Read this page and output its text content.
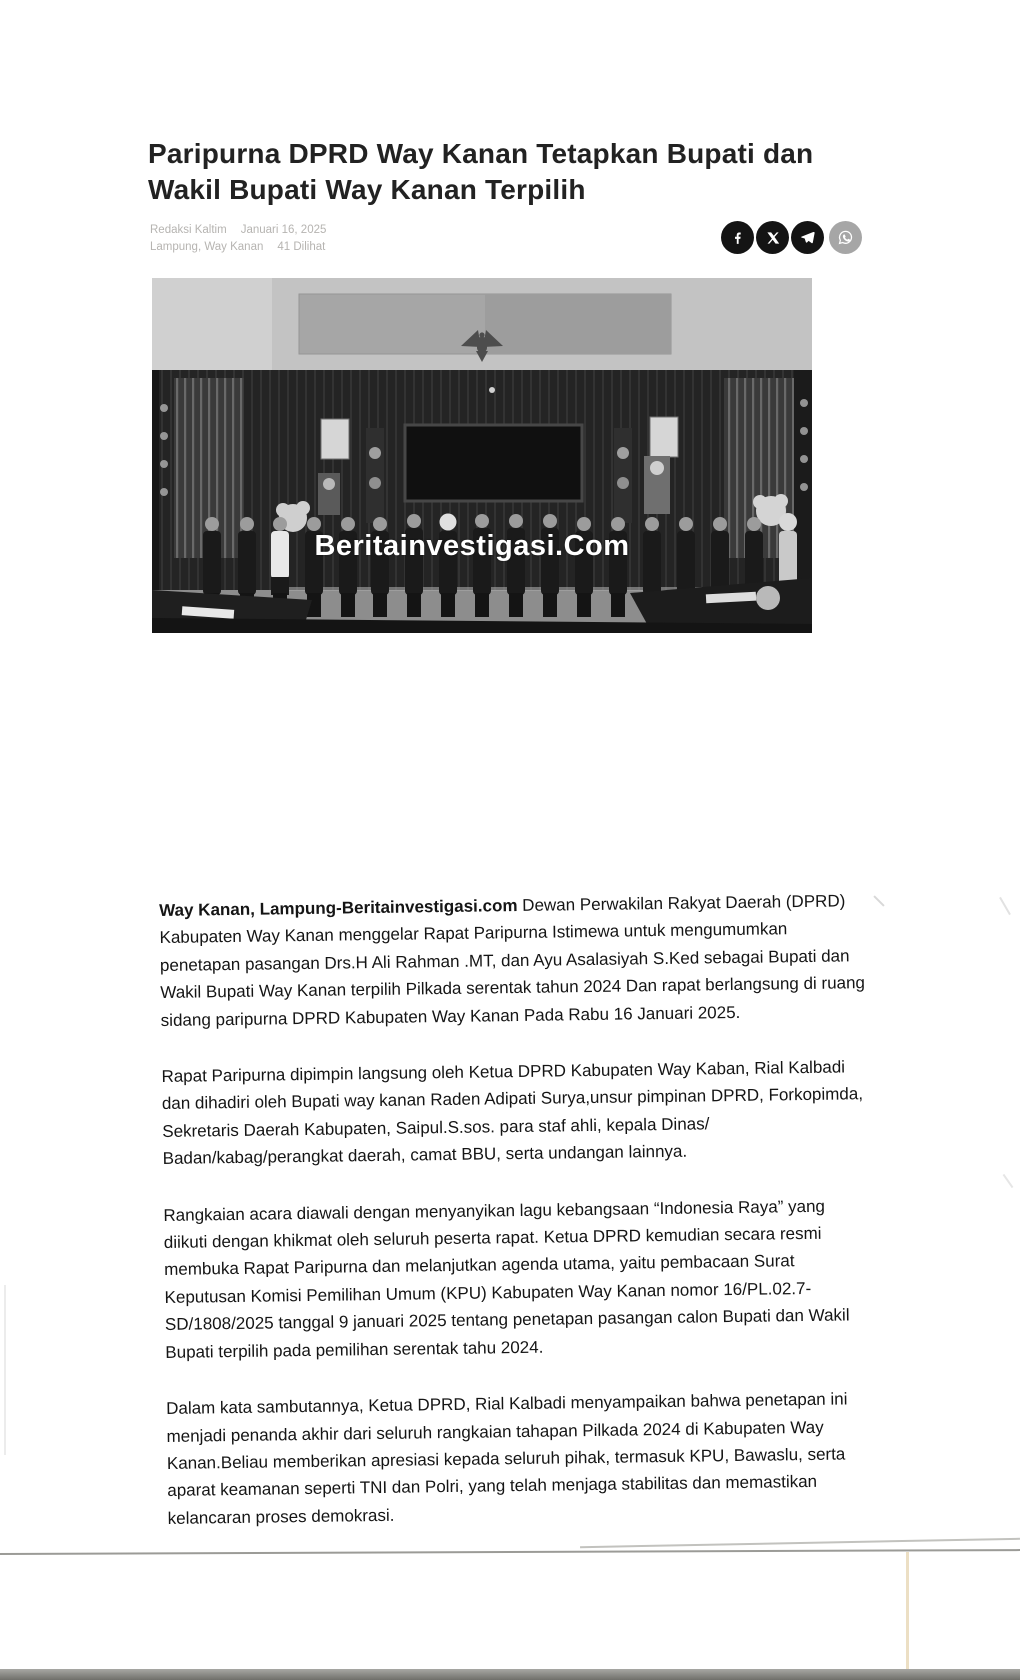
Paripurna DPRD Way Kanan Tetapkan Bupati dan Wakil Bupati Way Kanan Terpilih
Redaksi Kaltim Januari 16, 2025
Lampung, Way Kanan 41 Dilihat
Beritainvestigasi.Com

Way Kanan, Lampung-Beritainvestigasi.com Dewan Perwakilan Rakyat Daerah (DPRD) Kabupaten Way Kanan menggelar Rapat Paripurna Istimewa untuk mengumumkan penetapan pasangan Drs.H Ali Rahman .MT, dan Ayu Asalasiyah S.Ked sebagai Bupati dan Wakil Bupati Way Kanan terpilih Pilkada serentak tahun 2024 Dan rapat berlangsung di ruang sidang paripurna DPRD Kabupaten Way Kanan Pada Rabu 16 Januari 2025.

Rapat Paripurna dipimpin langsung oleh Ketua DPRD Kabupaten Way Kaban, Rial Kalbadi dan dihadiri oleh Bupati way kanan Raden Adipati Surya,unsur pimpinan DPRD, Forkopimda, Sekretaris Daerah Kabupaten, Saipul.S.sos. para staf ahli, kepala Dinas/ Badan/kabag/perangkat daerah, camat BBU, serta undangan lainnya.

Rangkaian acara diawali dengan menyanyikan lagu kebangsaan “Indonesia Raya” yang diikuti dengan khikmat oleh seluruh peserta rapat. Ketua DPRD kemudian secara resmi membuka Rapat Paripurna dan melanjutkan agenda utama, yaitu pembacaan Surat Keputusan Komisi Pemilihan Umum (KPU) Kabupaten Way Kanan nomor 16/PL.02.7-SD/1808/2025 tanggal 9 januari 2025 tentang penetapan pasangan calon Bupati dan Wakil Bupati terpilih pada pemilihan serentak tahu 2024.

Dalam kata sambutannya, Ketua DPRD, Rial Kalbadi menyampaikan bahwa penetapan ini menjadi penanda akhir dari seluruh rangkaian tahapan Pilkada 2024 di Kabupaten Way Kanan.Beliau memberikan apresiasi kepada seluruh pihak, termasuk KPU, Bawaslu, serta aparat keamanan seperti TNI dan Polri, yang telah menjaga stabilitas dan memastikan kelancaran proses demokrasi.
